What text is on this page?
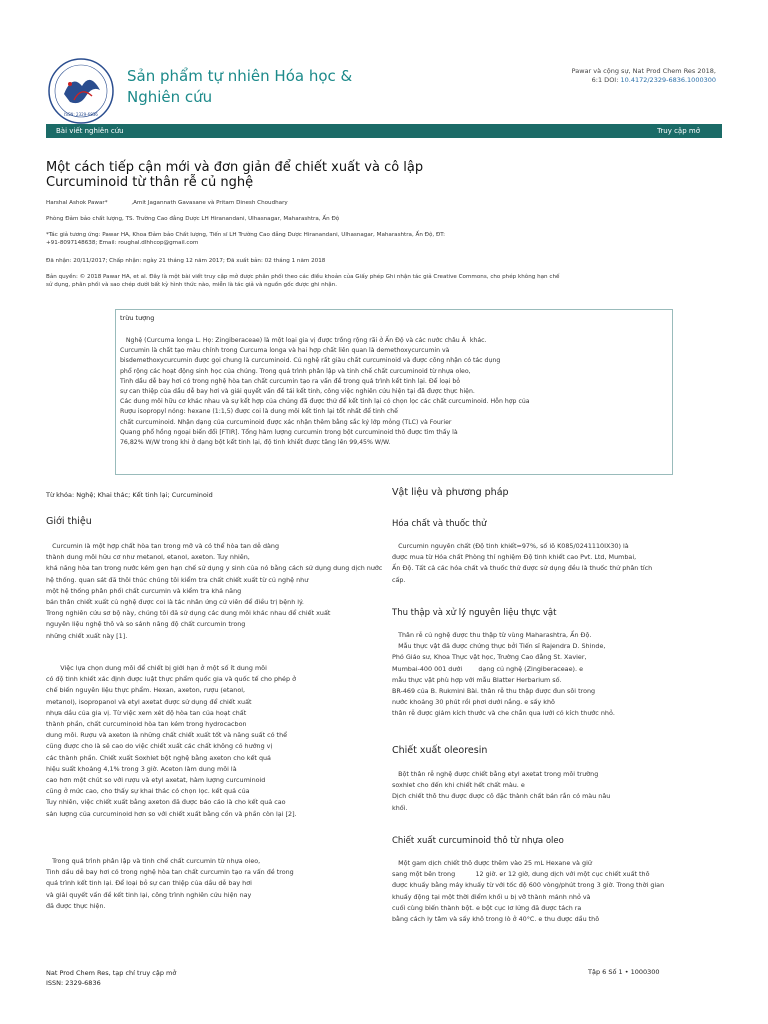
ISSN: 2329-6836
Sản phẩm tự nhiên Hóa học &
Nghiên cứu
Pawar và cộng sự, Nat Prod Chem Res 2018,
6:1 DOI: 10.4172/2329-6836.1000300
Bài viết nghiên cứu	Truy cập mở
Một cách tiếp cận mới và đơn giản để chiết xuất và cô lập
Curcuminoid từ thân rễ củ nghệ
Harshal Ashok Pawar*	,Amit Jagannath Gavasane và Pritam Dinesh Choudhary
Phòng Đảm bảo chất lượng, TS. Trường Cao đẳng Dược LH Hiranandani, Ulhasnagar, Maharashtra, Ấn Độ
*Tác giả tương ứng: Pawar HA, Khoa Đảm bảo Chất lượng, Tiến sĩ LH Trường Cao đẳng Dược Hiranandani, Ulhasnagar, Maharashtra, Ấn Độ, ĐT:
+91-8097148638; Email: roughal.dlhhcop@gmail.com
Đã nhận: 20/11/2017; Chấp nhận: ngày 21 tháng 12 năm 2017; Đã xuất bản: 02 tháng 1 năm 2018
Bản quyền: © 2018 Pawar HA, et al. Đây là một bài viết truy cập mở được phân phối theo các điều khoản của Giấy phép Ghi nhận tác giả Creative Commons, cho phép không hạn chế
sử dụng, phân phối và sao chép dưới bất kỳ hình thức nào, miễn là tác giả và nguồn gốc được ghi nhận.
trừu tượng

Nghệ (Curcuma longa L. Họ: Zingiberaceae) là một loại gia vị được trồng rộng rãi ở Ấn Độ và các nước châu Á  khác.

Curcumin là chất tạo màu chính trong Curcuma longa và hai hợp chất liên quan là demethoxycurcumin và

bisdemethoxycurcumin được gọi chung là curcuminoid. Củ nghệ rất giàu chất curcuminoid và được công nhận có tác dụng

phổ rộng các hoạt động sinh học của chúng. Trong quá trình phân lập và tinh chế chất curcuminoid từ nhựa oleo,

Tinh dầu dễ bay hơi có trong nghệ hòa tan chất curcumin tạo ra vấn đề trong quá trình kết tinh lại. Để loại bỏ

sự can thiệp của dầu dễ bay hơi và giải quyết vấn đề tái kết tinh, công việc nghiên cứu hiện tại đã được thực hiện.

Các dung môi hữu cơ khác nhau và sự kết hợp của chúng đã được thử để kết tinh lại có chọn lọc các chất curcuminoid. Hỗn hợp của

Rượu isopropyl nóng: hexane (1:1,5) được coi là dung môi kết tinh lại tốt nhất để tinh chế

chất curcuminoid. Nhận dạng của curcuminoid được xác nhận thêm bằng sắc ký lớp mỏng (TLC) và Fourier

Quang phổ hồng ngoại biến đổi [FTIR]. Tổng hàm lượng curcumin trong bột curcuminoid thô được tìm thấy là

76,82% W/W trong khi ở dạng bột kết tinh lại, độ tinh khiết được tăng lên 99,45% W/W.

Từ khóa: Nghệ; Khai thác; Kết tinh lại; Curcuminoid
Giới thiệu

Curcumin là một hợp chất hòa tan trong mỡ và có thể hòa tan dễ dàng

thành dung môi hữu cơ như metanol, etanol, axeton. Tuy nhiên,

khả năng hòa tan trong nước kém gen hạn chế sử dụng y sinh của nó bằng cách sử dụng dung dịch nước

hệ thống. quan sát đã thôi thúc chúng tôi kiểm tra chất chiết xuất từ củ nghệ như

một hệ thống phân phối chất curcumin và kiểm tra khả năng

bản thân chiết xuất củ nghệ được coi là tác nhân ứng cử viên để điều trị bệnh lý.

Trong nghiên cứu sơ bộ này, chúng tôi đã sử dụng các dung môi khác nhau để chiết xuất

nguyên liệu nghệ thô và so sánh năng độ chất curcumin trong

những chiết xuất này [1].

Việc lựa chọn dung môi để chiết bị giới hạn ở một số ít dung môi

có độ tinh khiết xác định được luật thực phẩm quốc gia và quốc tế cho phép ở

chế biến nguyên liệu thực phẩm. Hexan, axeton, rượu (etanol,

metanol), isopropanol và etyl axetat được sử dụng để chiết xuất

nhựa dầu của gia vị. Từ việc xem xét độ hòa tan của hoạt chất

thành phần, chất curcuminoid hòa tan kém trong hydrocacbon

dung môi. Rượu và axeton là những chất chiết xuất tốt và năng suất có thể

cũng được cho là sẽ cao do việc chiết xuất các chất không có hướng vị

các thành phần. Chiết xuất Soxhlet bột nghệ bằng axeton cho kết quả

hiệu suất khoảng 4,1% trong 3 giờ. Aceton làm dung môi là

cao hơn một chút so với rượu và etyl axetat, hàm lượng curcuminoid

cũng ở mức cao, cho thấy sự khai thác có chọn lọc. kết quả của

Tuy nhiên, việc chiết xuất bằng axeton đã được báo cáo là cho kết quả cao

sản lượng của curcuminoid hơn so với chiết xuất bằng cồn và phần còn lại [2].

Trong quá trình phân lập và tinh chế chất curcumin từ nhựa oleo,

Tinh dầu dễ bay hơi có trong nghệ hòa tan chất curcumin tạo ra vấn đề trong

quá trình kết tinh lại. Để loại bỏ sự can thiệp của dầu dễ bay hơi

và giải quyết vấn đề kết tinh lại, công trình nghiên cứu hiện nay

đã được thực hiện.

Vật liệu và phương pháp
Hóa chất và thuốc thử

Curcumin nguyên chất (Độ tinh khiết=97%, số lô K085/0241110IX30) là

được mua từ Hóa chất Phòng thí nghiệm Độ tinh khiết cao Pvt. Ltd, Mumbai,

Ấn Độ. Tất cả các hóa chất và thuốc thử được sử dụng đều là thuốc thử phân tích

cấp.

Thu thập và xử lý nguyên liệu thực vật

Thân rễ củ nghệ được thu thập từ vùng Maharashtra, Ấn Độ.

Mẫu thực vật đã được chứng thực bởi Tiến sĩ Rajendra D. Shinde,

Phó Giáo sư, Khoa Thực vật học, Trường Cao đẳng St. Xavier,

Mumbai-400 001 dưới        dạng củ nghệ (Zingiberaceae). e

mẫu thực vật phù hợp với mẫu Blatter Herbarium số.

BR-469 của B. Rukmini Bài. thân rễ thu thập được đun sôi trong

nước khoảng 30 phút rồi phơi dưới nắng. e sấy khô

thân rễ được giảm kích thước và che chắn qua lưới có kích thước nhỏ.

Chiết xuất oleoresin

Bột thân rễ nghệ được chiết bằng etyl axetat trong môi trường

soxhlet cho đến khi chiết hết chất màu. e

Dịch chiết thô thu được được cô đặc thành chất bán rắn có màu nâu

khối.

Chiết xuất curcuminoid thô từ nhựa oleo

Một gam dịch chiết thô được thêm vào 25 mL Hexane và giữ

sang một bên trong          12 giờ. er 12 giờ, dung dịch với một cục chiết xuất thô

được khuấy bằng máy khuấy từ với tốc độ 600 vòng/phút trong 3 giờ. Trong thời gian

khuấy động tại một thời điểm khối u bị vỡ thành mảnh nhỏ và

cuối cùng biến thành bột. e bột cục lơ lửng đã được tách ra

bằng cách ly tâm và sấy khô trong lò ở 40°C. e thu được dầu thô

Nat Prod Chem Res, tạp chí truy cập mở
ISSN: 2329-6836
Tập 6 Số 1 • 1000300
